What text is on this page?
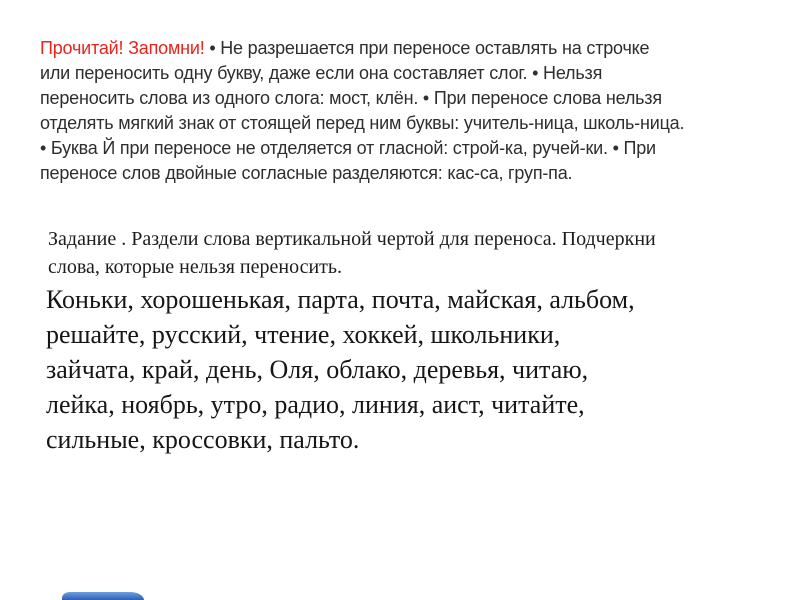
Прочитай! Запомни! • Не разрешается при переносе оставлять на строчке
или переносить одну букву, даже если она составляет слог. • Нельзя
переносить слова из одного слога: мост, клён. • При переносе слова нельзя
отделять мягкий знак от стоящей перед ним буквы: учитель-ница, школь-ница.
• Буква Й при переносе не отделяется от гласной: строй-ка, ручей-ки. • При
переносе слов двойные согласные разделяются: кас-са, груп-па.
Задание . Раздели слова вертикальной чертой для переноса. Подчеркни
слова, которые нельзя переносить.
Коньки, хорошенькая, парта, почта, майская, альбом,
решайте, русский, чтение, хоккей, школьники,
зайчата, край, день, Оля, облако, деревья, читаю,
лейка, ноябрь, утро, радио, линия, аист, читайте,
сильные, кроссовки, пальто.
